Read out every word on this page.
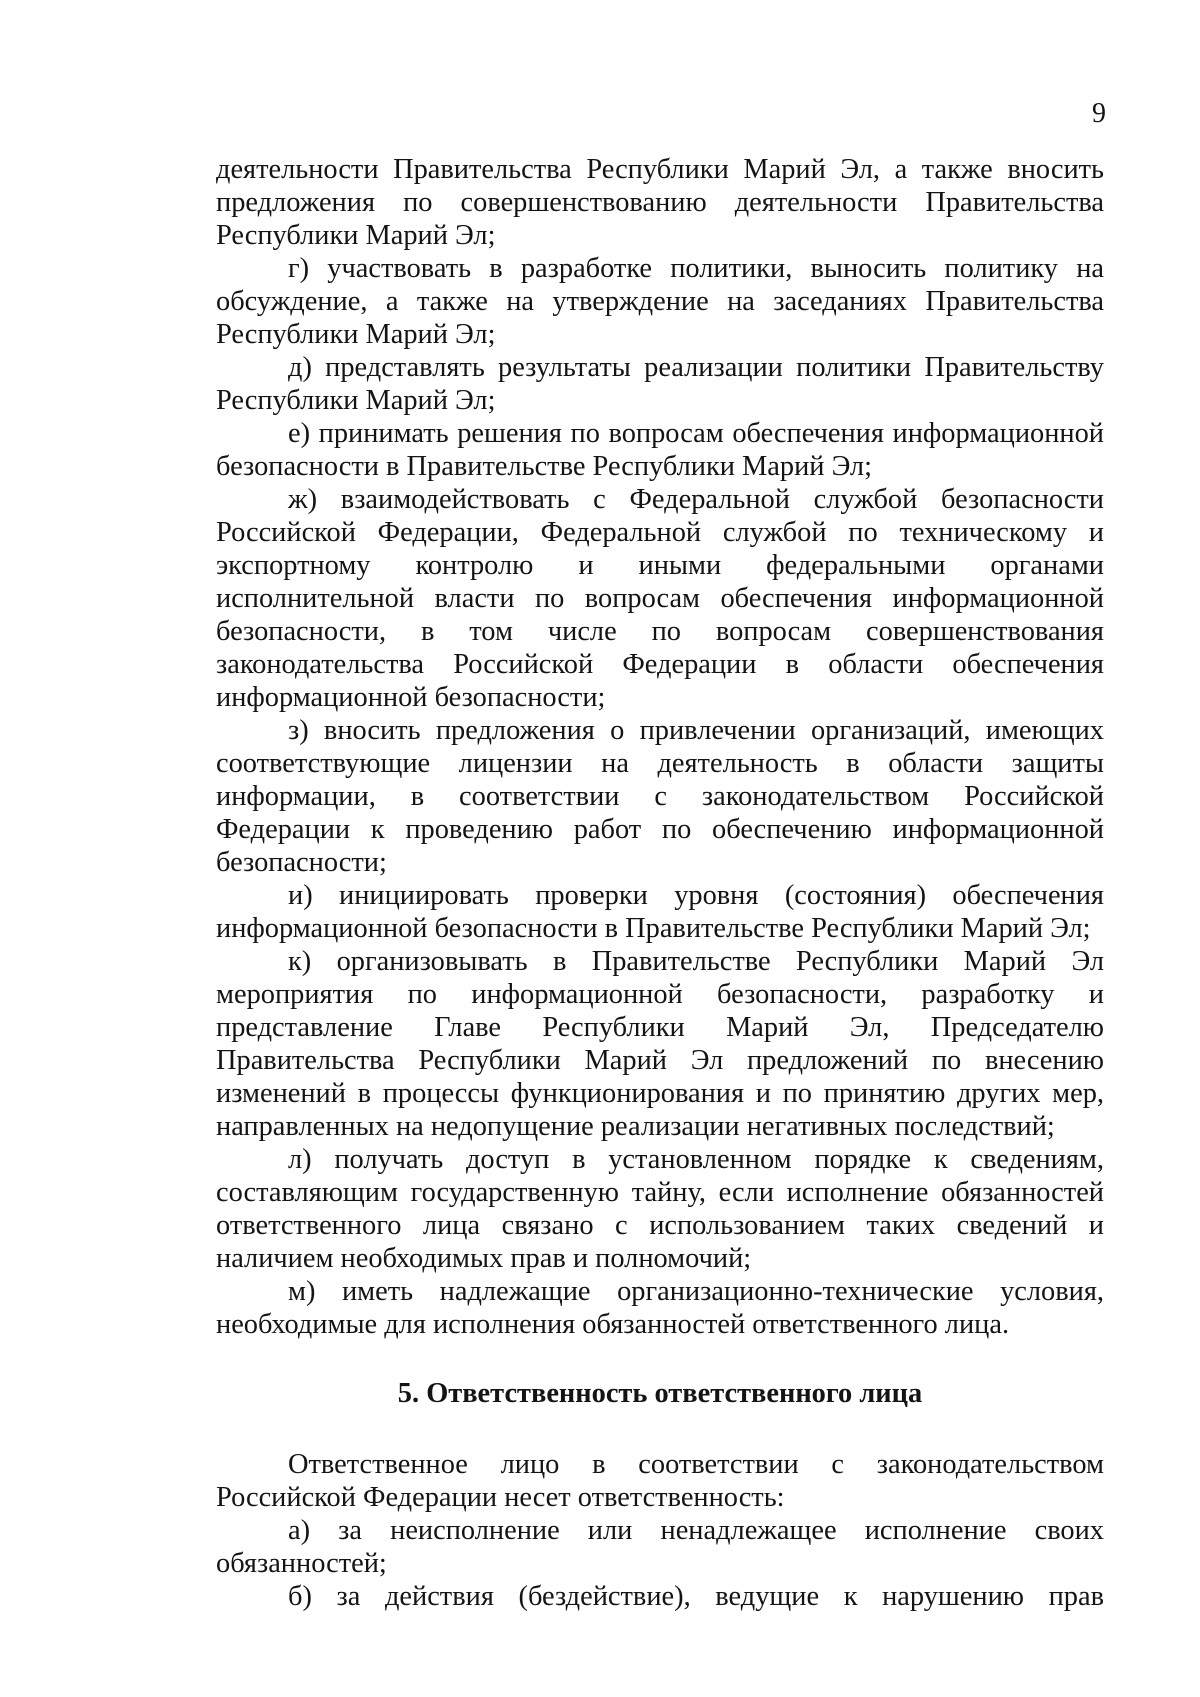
9

деятельности Правительства Республики Марий Эл, а также вносить предложения по совершенствованию деятельности Правительства Республики Марий Эл;

г) участвовать в разработке политики, выносить политику на обсуждение, а также на утверждение на заседаниях Правительства Республики Марий Эл;

д) представлять результаты реализации политики Правительству Республики Марий Эл;

е) принимать решения по вопросам обеспечения информационной безопасности в Правительстве Республики Марий Эл;

ж) взаимодействовать с Федеральной службой безопасности Российской Федерации, Федеральной службой по техническому и экспортному контролю и иными федеральными органами исполнительной власти по вопросам обеспечения информационной безопасности, в том числе по вопросам совершенствования законодательства Российской Федерации в области обеспечения информационной безопасности;

з) вносить предложения о привлечении организаций, имеющих соответствующие лицензии на деятельность в области защиты информации, в соответствии с законодательством Российской Федерации к проведению работ по обеспечению информационной безопасности;

и) инициировать проверки уровня (состояния) обеспечения информационной безопасности в Правительстве Республики Марий Эл;

к) организовывать в Правительстве Республики Марий Эл мероприятия по информационной безопасности, разработку и представление Главе Республики Марий Эл, Председателю Правительства Республики Марий Эл предложений по внесению изменений в процессы функционирования и по принятию других мер, направленных на недопущение реализации негативных последствий;

л) получать доступ в установленном порядке к сведениям, составляющим государственную тайну, если исполнение обязанностей ответственного лица связано с использованием таких сведений и наличием необходимых прав и полномочий;

м) иметь надлежащие организационно-технические условия, необходимые для исполнения обязанностей ответственного лица.

5. Ответственность ответственного лица

Ответственное лицо в соответствии с законодательством Российской Федерации несет ответственность:

а) за неисполнение или ненадлежащее исполнение своих обязанностей;

б) за действия (бездействие), ведущие к нарушению прав
